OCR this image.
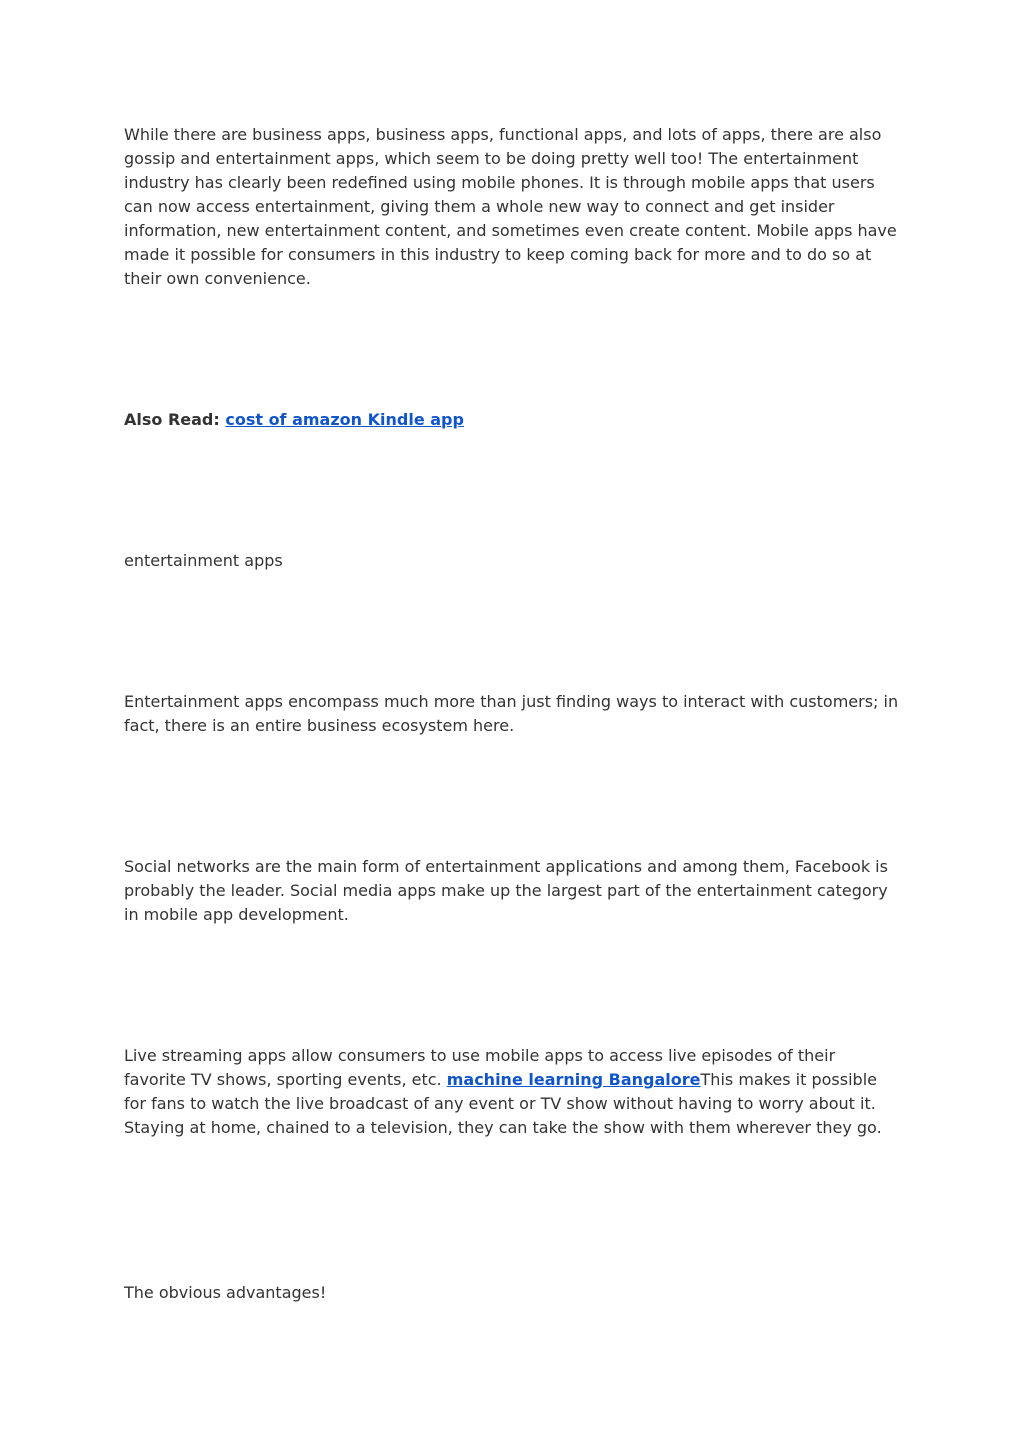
While there are business apps, business apps, functional apps, and lots of apps, there are also gossip and entertainment apps, which seem to be doing pretty well too! The entertainment industry has clearly been redefined using mobile phones. It is through mobile apps that users can now access entertainment, giving them a whole new way to connect and get insider information, new entertainment content, and sometimes even create content. Mobile apps have made it possible for consumers in this industry to keep coming back for more and to do so at their own convenience.

Also Read: cost of amazon Kindle app

entertainment apps

Entertainment apps encompass much more than just finding ways to interact with customers; in fact, there is an entire business ecosystem here.

Social networks are the main form of entertainment applications and among them, Facebook is probably the leader. Social media apps make up the largest part of the entertainment category in mobile app development.

Live streaming apps allow consumers to use mobile apps to access live episodes of their favorite TV shows, sporting events, etc. machine learning BangaloreThis makes it possible for fans to watch the live broadcast of any event or TV show without having to worry about it. Staying at home, chained to a television, they can take the show with them wherever they go.

The obvious advantages!
